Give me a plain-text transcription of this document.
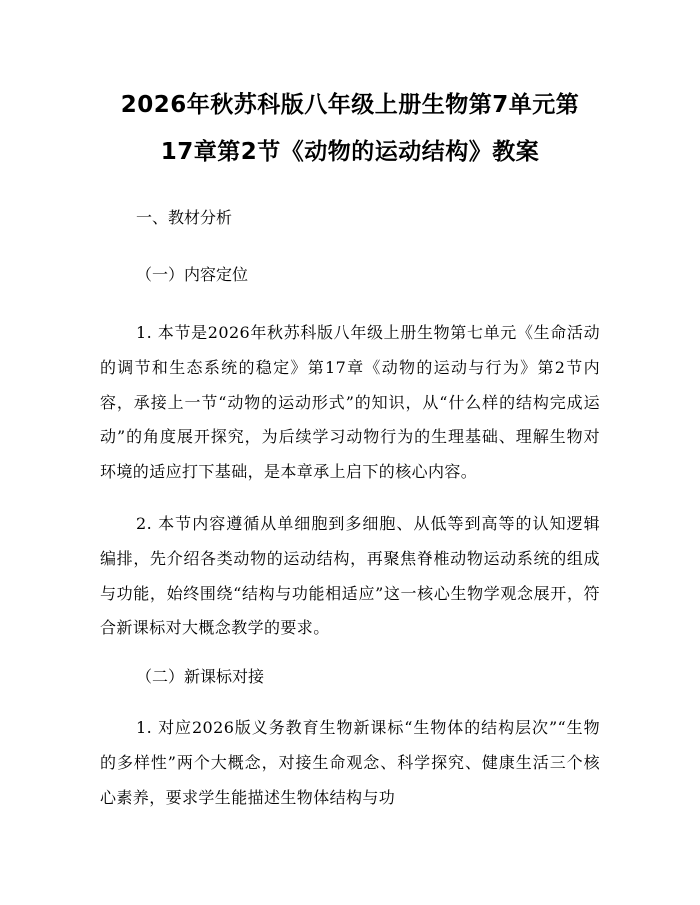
2026年秋苏科版八年级上册生物第7单元第
17章第2节《动物的运动结构》教案
一、教材分析
（一）内容定位

1. 本节是2026年秋苏科版八年级上册生物第七单元《生命活动的调节和生态系统的稳定》第17章《动物的运动与行为》第2节内容，承接上一节“动物的运动形式”的知识，从“什么样的结构完成运动”的角度展开探究，为后续学习动物行为的生理基础、理解生物对环境的适应打下基础，是本章承上启下的核心内容。

2. 本节内容遵循从单细胞到多细胞、从低等到高等的认知逻辑编排，先介绍各类动物的运动结构，再聚焦脊椎动物运动系统的组成与功能，始终围绕“结构与功能相适应”这一核心生物学观念展开，符合新课标对大概念教学的要求。

（二）新课标对接

1. 对应2026版义务教育生物新课标“生物体的结构层次”“生物的多样性”两个大概念，对接生命观念、科学探究、健康生活三个核心素养，要求学生能描述生物体结构与功
